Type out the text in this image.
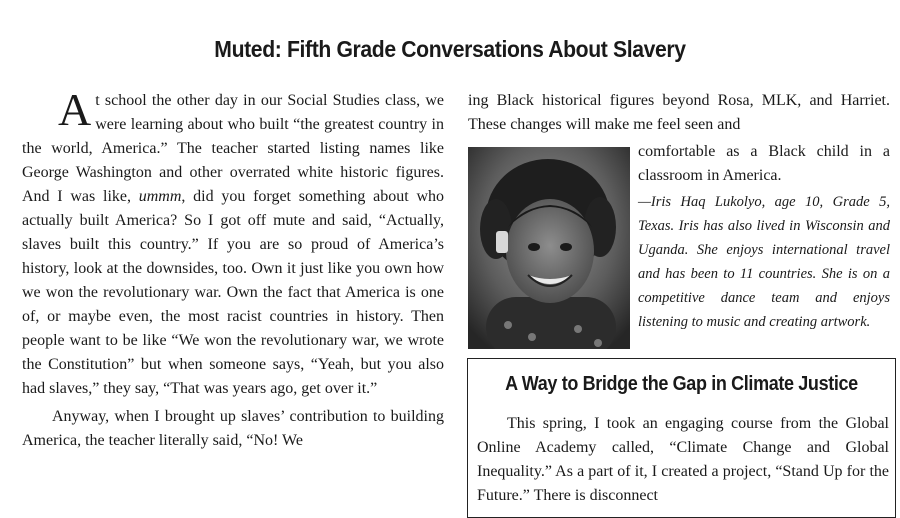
Muted: Fifth Grade Conversations About Slavery

At school the other day in our Social Studies class, we were learning about who built “the greatest country in the world, America.” The teacher started listing names like George Washington and other overrated white historic figures. And I was like, ummm, did you forget something about who actually built America? So I got off mute and said, “Actually, slaves built this country.” If you are so proud of America’s history, look at the downsides, too. Own it just like you own how we won the revolutionary war. Own the fact that America is one of, or maybe even, the most racist countries in history. Then people want to be like “We won the revolutionary war, we wrote the Constitution” but when someone says, “Yeah, but you also had slaves,” they say, “That was years ago, get over it.”

Anyway, when I brought up slaves’ contribution to building America, the teacher literally said, “No! We

ing Black historical figures beyond Rosa, MLK, and Harriet. These changes will make me feel seen and

comfortable as a Black child in a classroom in America.

—Iris Haq Lukolyo, age 10, Grade 5, Texas. Iris has also lived in Wisconsin and Uganda. She enjoys international travel and has been to 11 countries. She is on a competitive dance team and enjoys listening to music and creating artwork.

A Way to Bridge the Gap in Climate Justice

This spring, I took an engaging course from the Global Online Academy called, “Climate Change and Global Inequality.” As a part of it, I created a project, “Stand Up for the Future.” There is disconnect
